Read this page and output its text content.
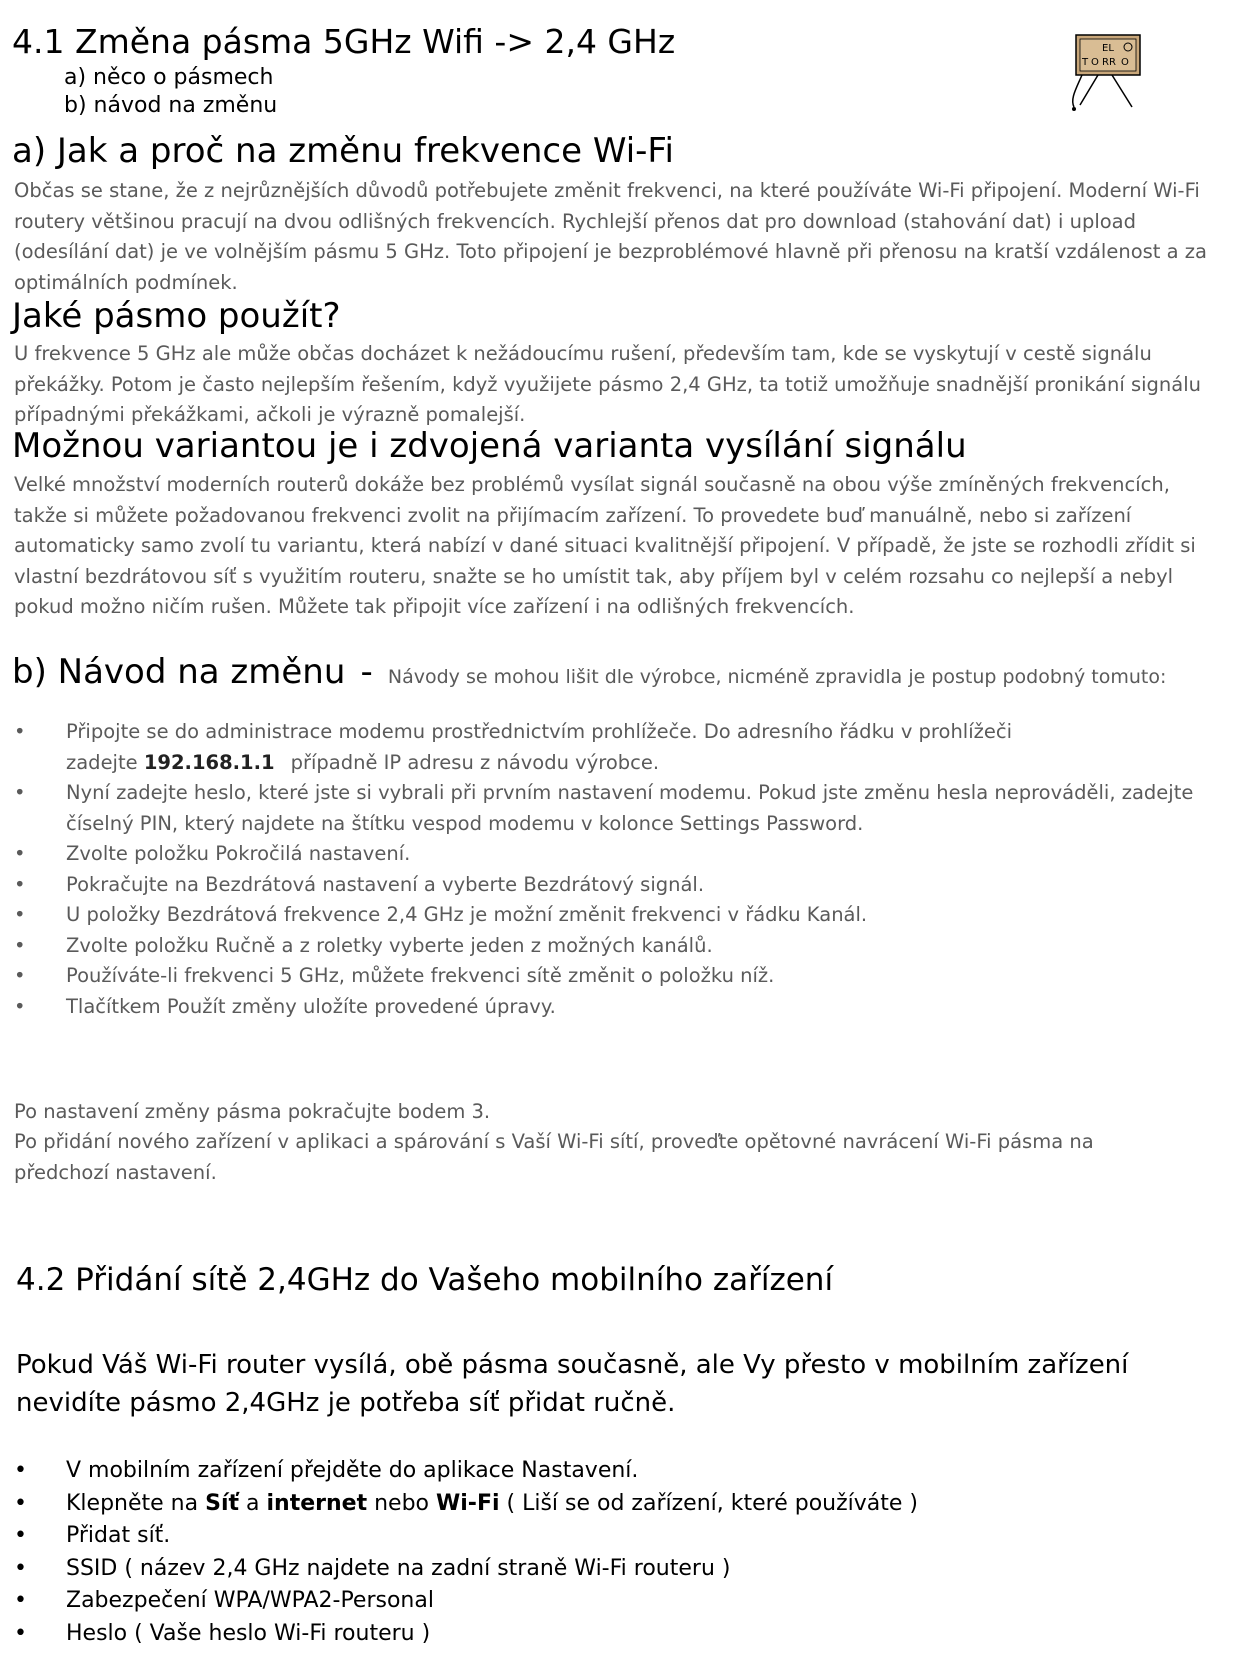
4.1 Změna pásma 5GHz Wifi -> 2,4 GHz
a) něco o pásmech
b) návod na změnu
EL
T O RR O
a) Jak a proč na změnu frekvence Wi-Fi
Občas se stane, že z nejrůznějších důvodů potřebujete změnit frekvenci, na které používáte Wi-Fi připojení. Moderní Wi-Fi routery většinou pracují na dvou odlišných frekvencích. Rychlejší přenos dat pro download (stahování dat) i upload (odesílání dat) je ve volnějším pásmu 5 GHz. Toto připojení je bezproblémové hlavně při přenosu na kratší vzdálenost a za optimálních podmínek.
Jaké pásmo použít?
U frekvence 5 GHz ale může občas docházet k nežádoucímu rušení, především tam, kde se vyskytují v cestě signálu překážky. Potom je často nejlepším řešením, když využijete pásmo 2,4 GHz, ta totiž umožňuje snadnější pronikání signálu případnými překážkami, ačkoli je výrazně pomalejší.
Možnou variantou je i zdvojená varianta vysílání signálu
Velké množství moderních routerů dokáže bez problémů vysílat signál současně na obou výše zmíněných frekvencích, takže si můžete požadovanou frekvenci zvolit na přijímacím zařízení. To provedete buď manuálně, nebo si zařízení automaticky samo zvolí tu variantu, která nabízí v dané situaci kvalitnější připojení. V případě, že jste se rozhodli zřídit si vlastní bezdrátovou síť s využitím routeru, snažte se ho umístit tak, aby příjem byl v celém rozsahu co nejlepší a nebyl pokud možno ničím rušen. Můžete tak připojit více zařízení i na odlišných frekvencích.
b) Návod na změnu - Návody se mohou lišit dle výrobce, nicméně zpravidla je postup podobný tomuto:
• Připojte se do administrace modemu prostřednictvím prohlížeče. Do adresního řádku v prohlížeči
zadejte 192.168.1.1 případně IP adresu z návodu výrobce.
• Nyní zadejte heslo, které jste si vybrali při prvním nastavení modemu. Pokud jste změnu hesla neprováděli, zadejte číselný PIN, který najdete na štítku vespod modemu v kolonce Settings Password.
• Zvolte položku Pokročilá nastavení.
• Pokračujte na Bezdrátová nastavení a vyberte Bezdrátový signál.
• U položky Bezdrátová frekvence 2,4 GHz je možní změnit frekvenci v řádku Kanál.
• Zvolte položku Ručně a z roletky vyberte jeden z možných kanálů.
• Používáte-li frekvenci 5 GHz, můžete frekvenci sítě změnit o položku níž.
• Tlačítkem Použít změny uložíte provedené úpravy.
Po nastavení změny pásma pokračujte bodem 3.
Po přidání nového zařízení v aplikaci a spárování s Vaší Wi-Fi sítí, proveďte opětovné navrácení Wi-Fi pásma na předchozí nastavení.
4.2 Přidání sítě 2,4GHz do Vašeho mobilního zařízení
Pokud Váš Wi-Fi router vysílá, obě pásma současně, ale Vy přesto v mobilním zařízení nevidíte pásmo 2,4GHz je potřeba síť přidat ručně.
• V mobilním zařízení přejděte do aplikace Nastavení.
• Klepněte na Síť a internet nebo Wi-Fi ( Liší se od zařízení, které používáte )
• Přidat síť.
• SSID ( název 2,4 GHz najdete na zadní straně Wi-Fi routeru )
• Zabezpečení WPA/WPA2-Personal
• Heslo ( Vaše heslo Wi-Fi routeru )
